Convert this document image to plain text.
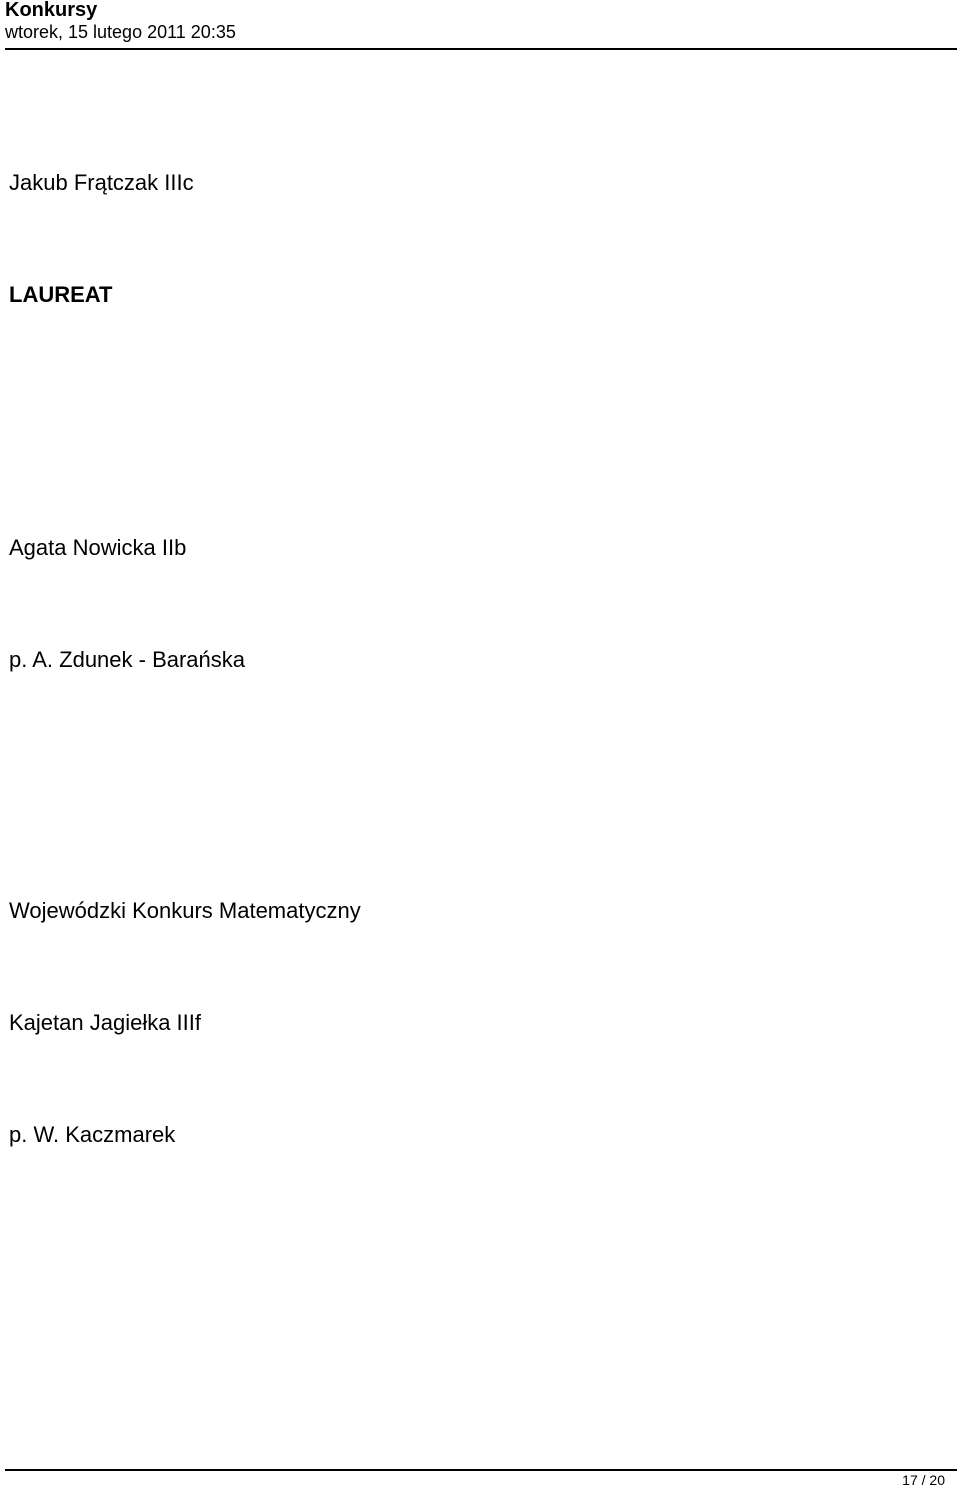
Konkursy
wtorek, 15 lutego 2011 20:35
Jakub Frątczak IIIc
LAUREAT
Agata Nowicka IIb
p. A. Zdunek - Barańska
Wojewódzki Konkurs Matematyczny
Kajetan Jagiełka IIIf
p. W. Kaczmarek
17 / 20
